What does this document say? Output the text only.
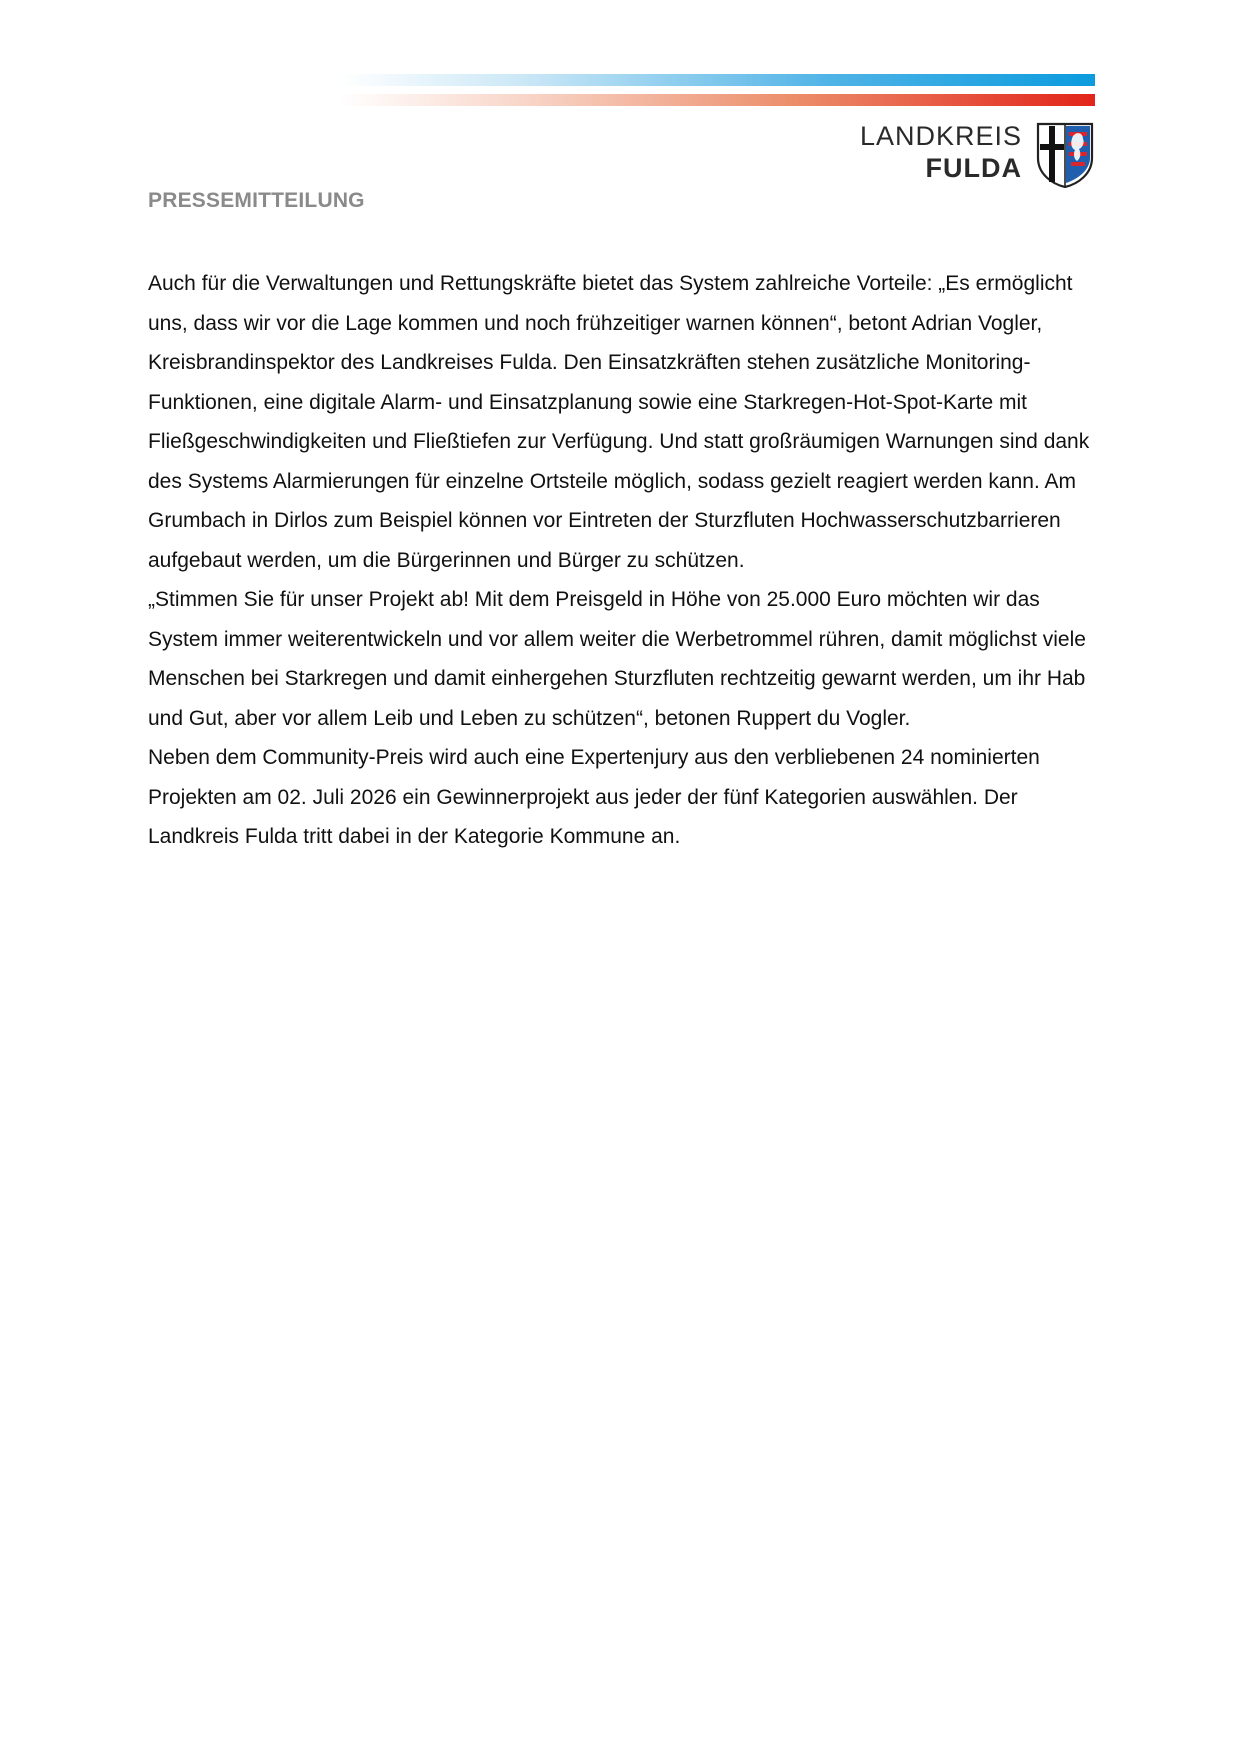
LANDKREIS
FULDA
PRESSEMITTEILUNG

Auch für die Verwaltungen und Rettungskräfte bietet das System zahlreiche Vorteile: „Es ermöglicht uns, dass wir vor die Lage kommen und noch frühzeitiger warnen können“, betont Adrian Vogler, Kreisbrandinspektor des Landkreises Fulda. Den Einsatzkräften stehen zusätzliche Monitoring-Funktionen, eine digitale Alarm- und Einsatzplanung sowie eine Starkregen-Hot-Spot-Karte mit Fließgeschwindigkeiten und Fließtiefen zur Verfügung. Und statt großräumigen Warnungen sind dank des Systems Alarmierungen für einzelne Ortsteile möglich, sodass gezielt reagiert werden kann. Am Grumbach in Dirlos zum Beispiel können vor Eintreten der Sturzfluten Hochwasserschutzbarrieren aufgebaut werden, um die Bürgerinnen und Bürger zu schützen.

„Stimmen Sie für unser Projekt ab! Mit dem Preisgeld in Höhe von 25.000 Euro möchten wir das System immer weiterentwickeln und vor allem weiter die Werbetrommel rühren, damit möglichst viele Menschen bei Starkregen und damit einhergehen Sturzfluten rechtzeitig gewarnt werden, um ihr Hab und Gut, aber vor allem Leib und Leben zu schützen“, betonen Ruppert du Vogler.

Neben dem Community-Preis wird auch eine Expertenjury aus den verbliebenen 24 nominierten Projekten am 02. Juli 2026 ein Gewinnerprojekt aus jeder der fünf Kategorien auswählen. Der Landkreis Fulda tritt dabei in der Kategorie Kommune an.
